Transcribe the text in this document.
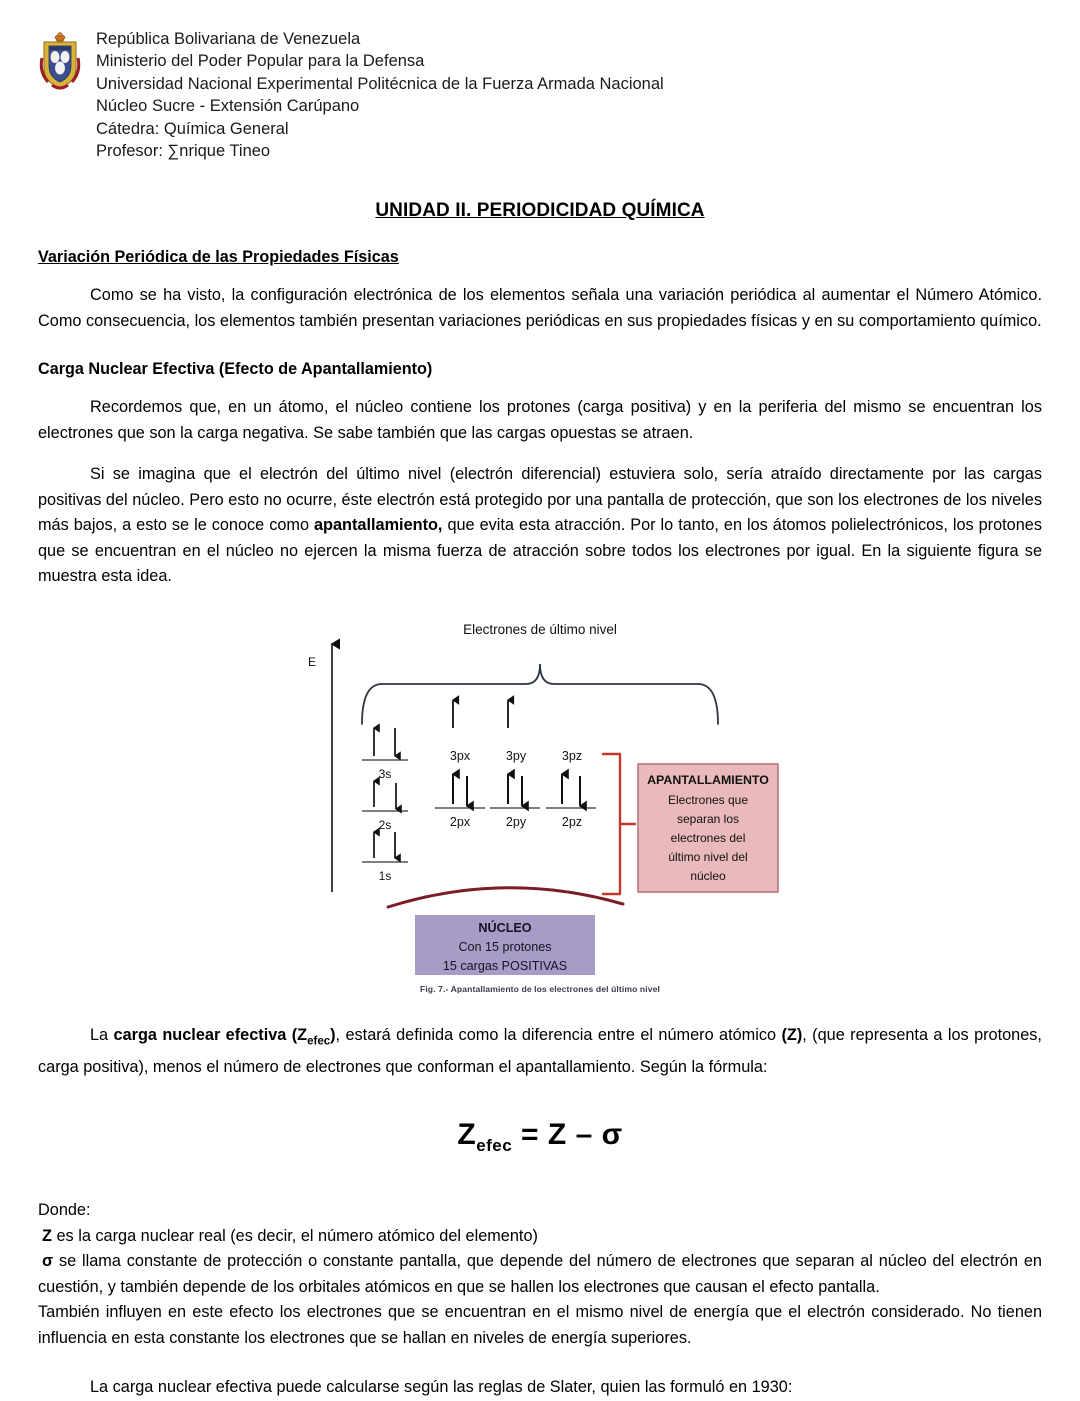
República Bolivariana de Venezuela
Ministerio del Poder Popular para la Defensa
Universidad Nacional Experimental Politécnica de la Fuerza Armada Nacional
Núcleo Sucre - Extensión Carúpano
Cátedra: Química General
Profesor: ∑nrique Tineo
UNIDAD II. PERIODICIDAD QUÍMICA
Variación Periódica de las Propiedades Físicas
Como se ha visto, la configuración electrónica de los elementos señala una variación periódica al aumentar el Número Atómico. Como consecuencia, los elementos también presentan variaciones periódicas en sus propiedades físicas y en su comportamiento químico.
Carga Nuclear Efectiva (Efecto de Apantallamiento)
Recordemos que, en un átomo, el núcleo contiene los protones (carga positiva) y en la periferia del mismo se encuentran los electrones que son la carga negativa. Se sabe también que las cargas opuestas se atraen.
Si se imagina que el electrón del último nivel (electrón diferencial) estuviera solo, sería atraído directamente por las cargas positivas del núcleo. Pero esto no ocurre, éste electrón está protegido por una pantalla de protección, que son los electrones de los niveles más bajos, a esto se le conoce como apantallamiento, que evita esta atracción. Por lo tanto, en los átomos polielectrónicos, los protones que se encuentran en el núcleo no ejercen la misma fuerza de atracción sobre todos los electrones por igual. En la siguiente figura se muestra esta idea.
E
Electrones de último nivel
3s
2s
1s
3px	3py	3pz
2px	2py	2pz
APANTALLAMIENTO
Electrones que
separan los
electrones del
último nivel del
núcleo
NÚCLEO
Con 15 protones
15 cargas POSITIVAS
Fig. 7.- Apantallamiento de los electrones del último nivel
La carga nuclear efectiva $(Z_{efec})$, estará definida como la diferencia entre el número atómico (Z), (que representa a los protones, carga positiva), menos el número de electrones que conforman el apantallamiento. Según la fórmula:
$Z_{efec} = Z - \sigma$
Donde:
Z es la carga nuclear real (es decir, el número atómico del elemento)
σ se llama constante de protección o constante pantalla, que depende del número de electrones que separan al núcleo del electrón en cuestión, y también depende de los orbitales atómicos en que se hallen los electrones que causan el efecto pantalla.
También influyen en este efecto los electrones que se encuentran en el mismo nivel de energía que el electrón considerado. No tienen influencia en esta constante los electrones que se hallan en niveles de energía superiores.
La carga nuclear efectiva puede calcularse según las reglas de Slater, quien las formuló en 1930:
